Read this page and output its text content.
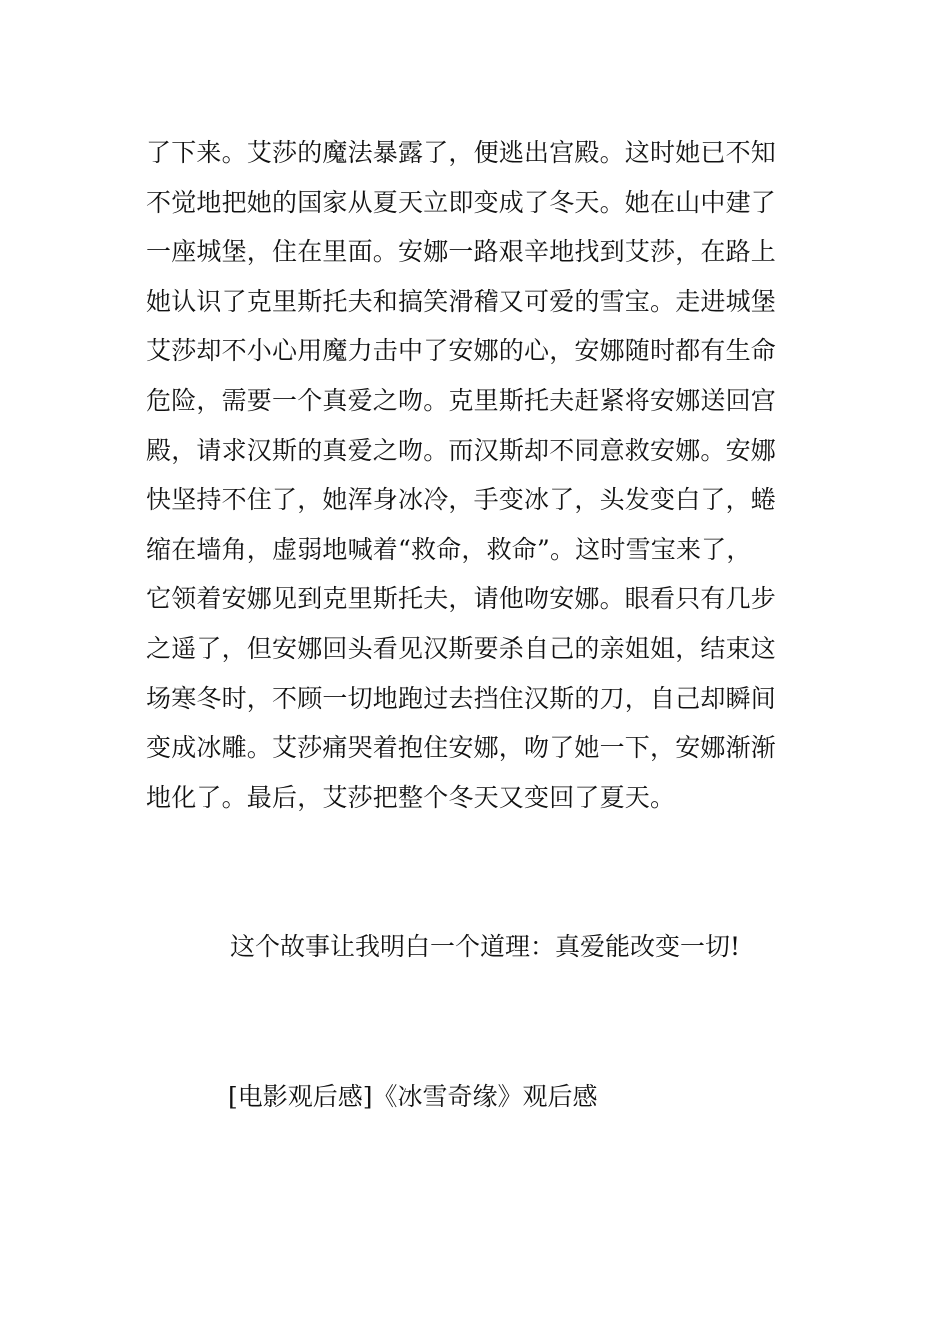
了下来。艾莎的魔法暴露了，便逃出宫殿。这时她已不知
不觉地把她的国家从夏天立即变成了冬天。她在山中建了
一座城堡，住在里面。安娜一路艰辛地找到艾莎，在路上
她认识了克里斯托夫和搞笑滑稽又可爱的雪宝。走进城堡
艾莎却不小心用魔力击中了安娜的心，安娜随时都有生命
危险，需要一个真爱之吻。克里斯托夫赶紧将安娜送回宫
殿，请求汉斯的真爱之吻。而汉斯却不同意救安娜。安娜
快坚持不住了，她浑身冰冷，手变冰了，头发变白了，蜷
缩在墙角，虚弱地喊着“救命，救命”。这时雪宝来了，
它领着安娜见到克里斯托夫，请他吻安娜。眼看只有几步
之遥了，但安娜回头看见汉斯要杀自己的亲姐姐，结束这
场寒冬时，不顾一切地跑过去挡住汉斯的刀，自己却瞬间
变成冰雕。艾莎痛哭着抱住安娜，吻了她一下，安娜渐渐
地化了。最后，艾莎把整个冬天又变回了夏天。

这个故事让我明白一个道理：真爱能改变一切!

[电影观后感]《冰雪奇缘》观后感
